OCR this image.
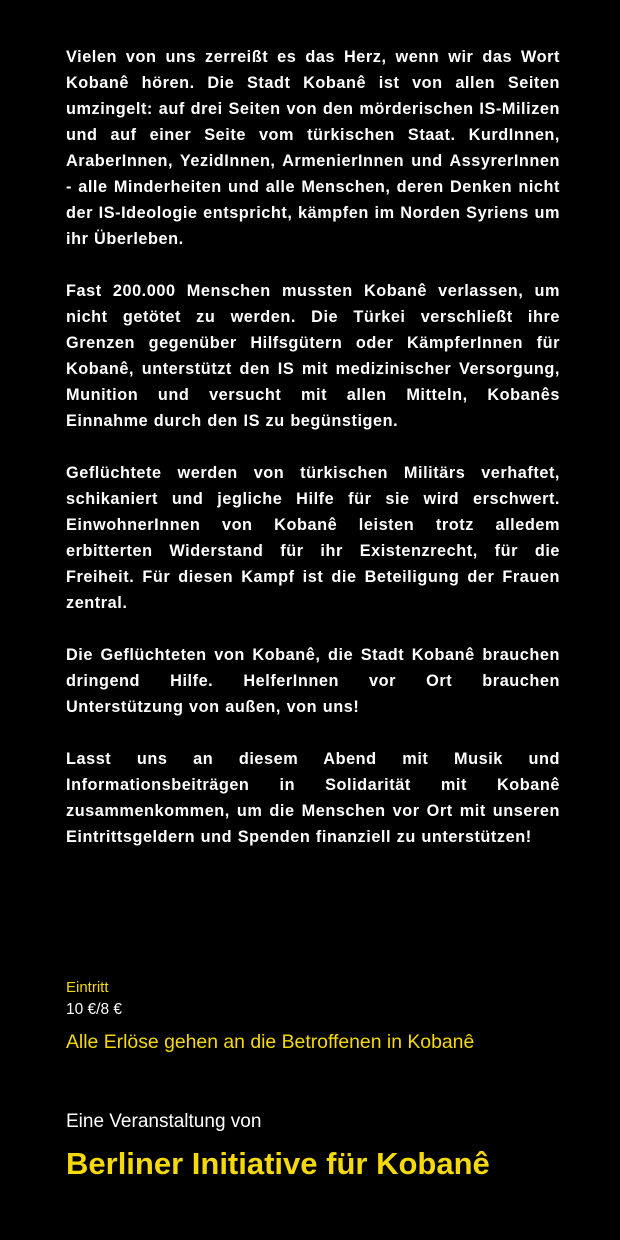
Vielen von uns zerreißt es das Herz, wenn wir das Wort Kobanê hören. Die Stadt Kobanê ist von allen Seiten umzingelt: auf drei Seiten von den mörderischen IS-Milizen und auf einer Seite vom türkischen Staat. KurdInnen, AraberInnen, YezidInnen, ArmenierInnen und AssyrerInnen - alle Minderheiten und alle Menschen, deren Denken nicht der IS-Ideologie entspricht, kämpfen im Norden Syriens um ihr Überleben.

Fast 200.000 Menschen mussten Kobanê verlassen, um nicht getötet zu werden. Die Türkei verschließt ihre Grenzen gegenüber Hilfsgütern oder KämpferInnen für Kobanê, unterstützt den IS mit medizinischer Versorgung, Munition und versucht mit allen Mitteln, Kobanês Einnahme durch den IS zu begünstigen.

Geflüchtete werden von türkischen Militärs verhaftet, schikaniert und jegliche Hilfe für sie wird erschwert. EinwohnerInnen von Kobanê leisten trotz alledem erbitterten Widerstand für ihr Existenzrecht, für die Freiheit. Für diesen Kampf ist die Beteiligung der Frauen zentral.

Die Geflüchteten von Kobanê, die Stadt Kobanê brauchen dringend Hilfe. HelferInnen vor Ort brauchen Unterstützung von außen, von uns!

Lasst uns an diesem Abend mit Musik und Informationsbeiträgen in Solidarität mit Kobanê zusammenkommen, um die Menschen vor Ort mit unseren Eintrittsgeldern und Spenden finanziell zu unterstützen!

Eintritt

10 €/8 €

Alle Erlöse gehen an die Betroffenen in Kobanê

Eine Veranstaltung von

Berliner Initiative für Kobanê
